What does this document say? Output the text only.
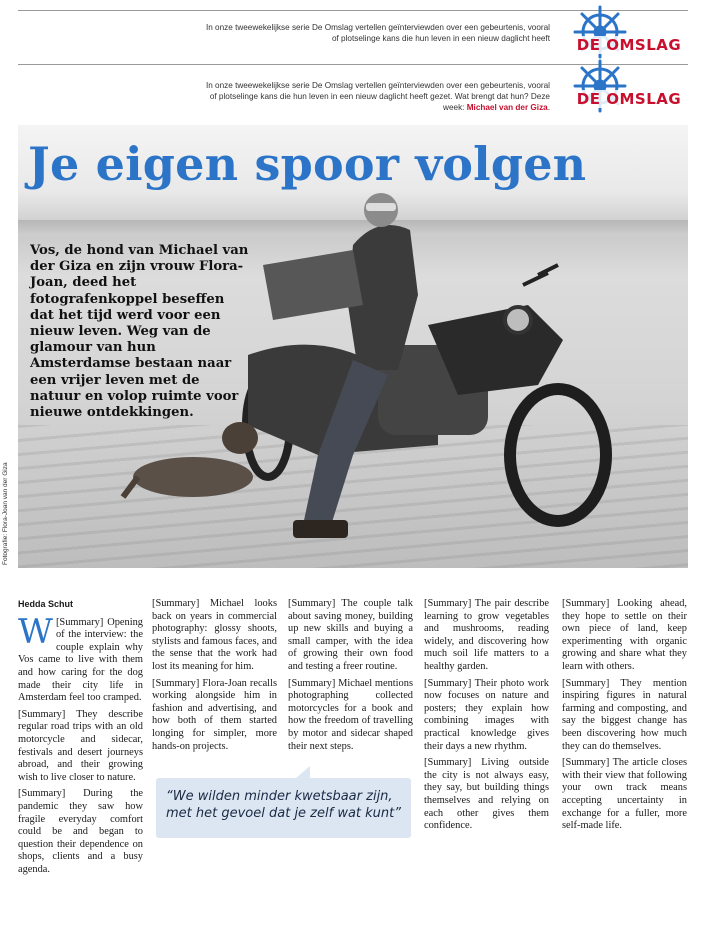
In onze tweewekelijkse serie De Omslag vertellen geïnterviewden over een gebeurtenis, vooral of plotselinge kans die hun leven in een nieuw daglicht heeft	DE OMSLAG
In onze tweewekelijkse serie De Omslag vertellen geïnterviewden over een gebeurtenis, vooral of plotselinge kans die hun leven in een nieuw daglicht heeft gezet. Wat brengt dat hun? Deze week: Michael van der Giza.	DE OMSLAG
Je eigen spoor volgen
Vos, de hond van Michael van der Giza en zijn vrouw Flora-Joan, deed het fotografenkoppel beseffen dat het tijd werd voor een nieuw leven. Weg van de glamour van hun Amsterdamse bestaan naar een vrijer leven met de natuur en volop ruimte voor nieuwe ontdekkingen.
Fotografie: Flora-Joan van der Giza
Hedda Schut

W [Summary] Opening of the interview: the couple explain why Vos came to live with them and how caring for the dog made their city life in Amsterdam feel too cramped.

[Summary] They describe regular road trips with an old motorcycle and sidecar, festivals and desert journeys abroad, and their growing wish to live closer to nature.

[Summary] During the pandemic they saw how fragile everyday comfort could be and began to question their dependence on shops, clients and a busy agenda.

[Summary] Michael looks back on years in commercial photography: glossy shoots, stylists and famous faces, and the sense that the work had lost its meaning for him.

[Summary] Flora-Joan recalls working alongside him in fashion and advertising, and how both of them started longing for simpler, more hands-on projects.

[Summary] The couple talk about saving money, building up new skills and buying a small camper, with the idea of growing their own food and testing a freer routine.

[Summary] Michael mentions photographing collected motorcycles for a book and how the freedom of travelling by motor and sidecar shaped their next steps.

[Summary] The pair describe learning to grow vegetables and mushrooms, reading widely, and discovering how much soil life matters to a healthy garden.

[Summary] Their photo work now focuses on nature and posters; they explain how combining images with practical knowledge gives their days a new rhythm.

[Summary] Living outside the city is not always easy, they say, but building things themselves and relying on each other gives them confidence.

[Summary] Looking ahead, they hope to settle on their own piece of land, keep experimenting with organic growing and share what they learn with others.

[Summary] They mention inspiring figures in natural farming and composting, and say the biggest change has been discovering how much they can do themselves.

[Summary] The article closes with their view that following your own track means accepting uncertainty in exchange for a fuller, more self-made life.

“We wilden minder kwetsbaar zijn, met het gevoel dat je zelf wat kunt”
